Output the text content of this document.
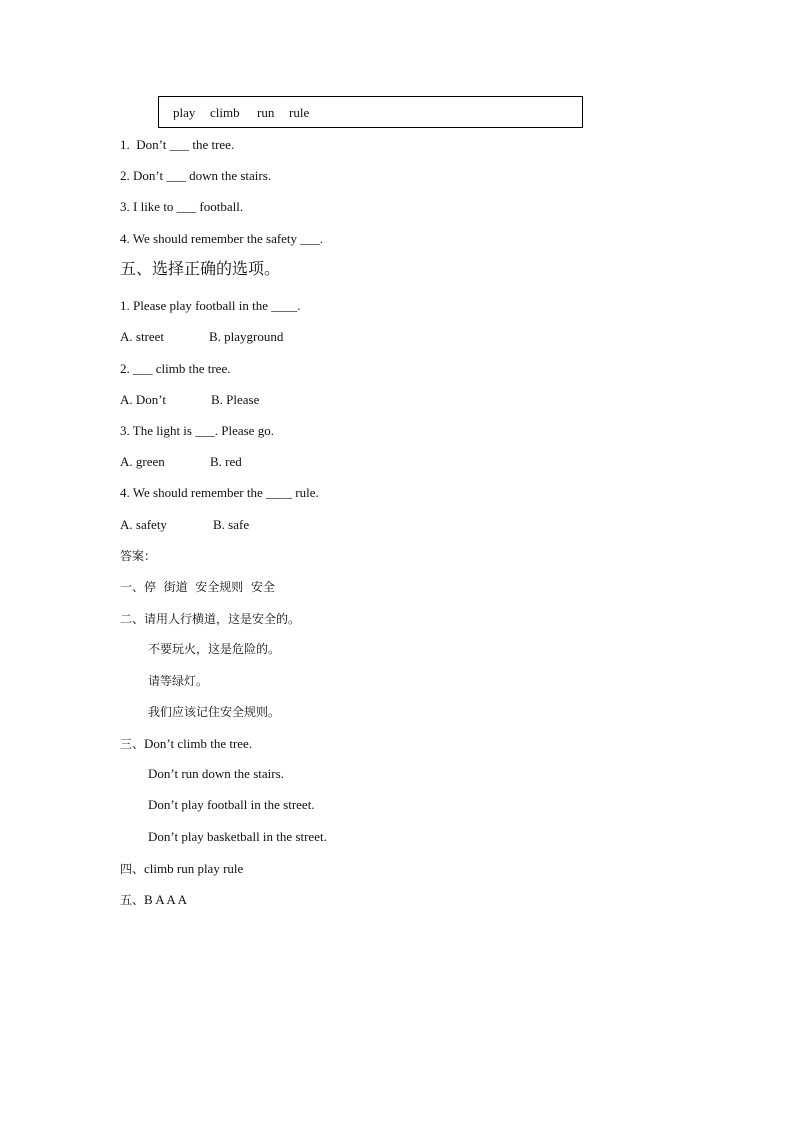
play climb run rule
1.  Don’t ___ the tree.
2. Don’t ___ down the stairs.
3. I like to ___ football.
4. We should remember the safety ___.
五、选择正确的选项。
1. Please play football in the ____.
A. street	B. playground
2. ___ climb the tree.
A. Don’t	B. Please
3. The light is ___. Please go.
A. green	B. red
4. We should remember the ____ rule.
A. safety	B. safe
答案：
一、停  街道  安全规则  安全
二、请用人行横道，这是安全的。
不要玩火，这是危险的。
请等绿灯。
我们应该记住安全规则。
三、Don’t climb the tree.
Don’t run down the stairs.
Don’t play football in the street.
Don’t play basketball in the street.
四、climb run play rule
五、B A A A
